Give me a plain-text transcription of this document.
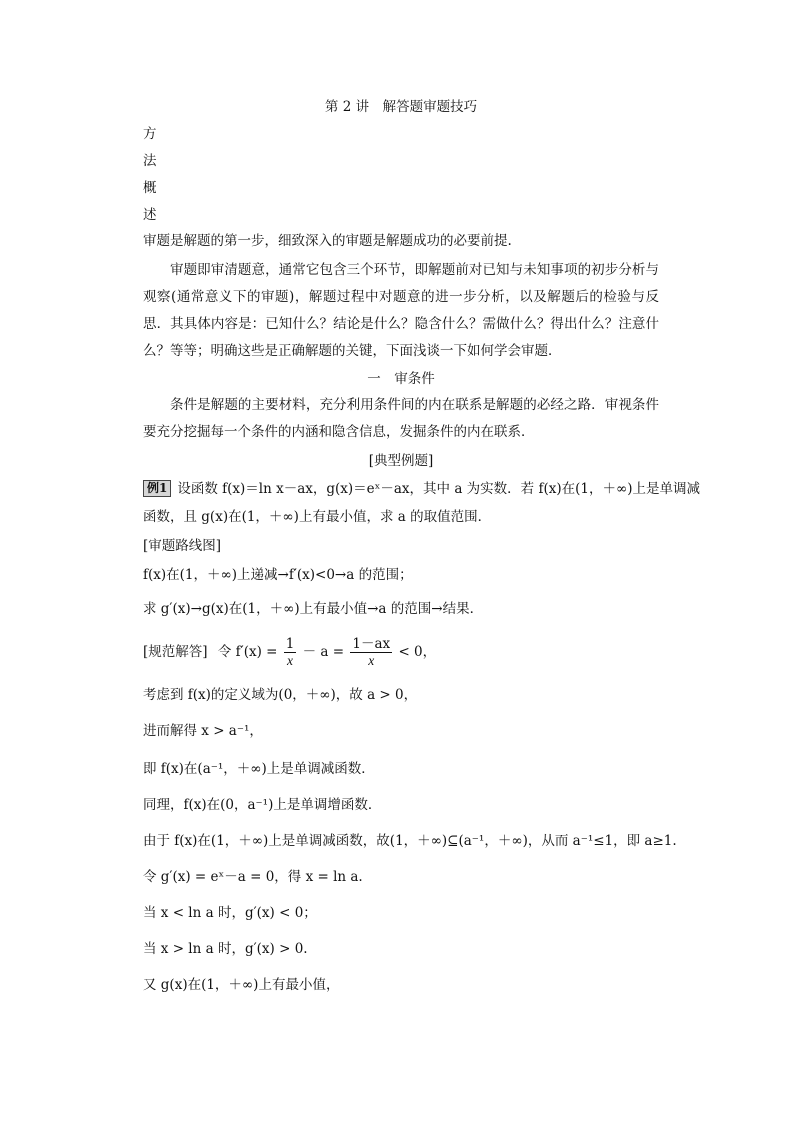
第 2 讲　解答题审题技巧
方
法
概
述
审题是解题的第一步，细致深入的审题是解题成功的必要前提.
审题即审清题意，通常它包含三个环节，即解题前对已知与未知事项的初步分析与观察(通常意义下的审题)，解题过程中对题意的进一步分析，以及解题后的检验与反思．其具体内容是：已知什么？结论是什么？隐含什么？需做什么？得出什么？注意什么？等等；明确这些是正确解题的关键，下面浅谈一下如何学会审题．
一　审条件
条件是解题的主要材料，充分利用条件间的内在联系是解题的必经之路．审视条件要充分挖掘每一个条件的内涵和隐含信息，发掘条件的内在联系．
[典型例题]
例1 设函数 f(x)＝ln x－ax，g(x)＝eˣ－ax，其中 a 为实数．若 f(x)在(1，＋∞)上是单调减
函数，且 g(x)在(1，＋∞)上有最小值，求 a 的取值范围．
[审题路线图]
f(x)在(1，＋∞)上递减→f′(x)<0→a 的范围；
求 g′(x)→g(x)在(1，＋∞)上有最小值→a 的范围→结果．
[规范解答] 令 $f'(x) = \frac{1}{x} - a = \frac{1-ax}{x} < 0$，
考虑到 f(x)的定义域为(0，＋∞)，故 a > 0，
进而解得 x > a⁻¹，
即 f(x)在(a⁻¹，＋∞)上是单调减函数．
同理，f(x)在(0，a⁻¹)上是单调增函数．
由于 f(x)在(1，＋∞)上是单调减函数，故(1，＋∞)⊆(a⁻¹，＋∞)，从而 a⁻¹≤1，即 a≥1.
令 g′(x) = eˣ－a = 0，得 x = ln a.
当 x < ln a 时，g′(x) < 0；
当 x > ln a 时，g′(x) > 0.
又 g(x)在(1，＋∞)上有最小值，
